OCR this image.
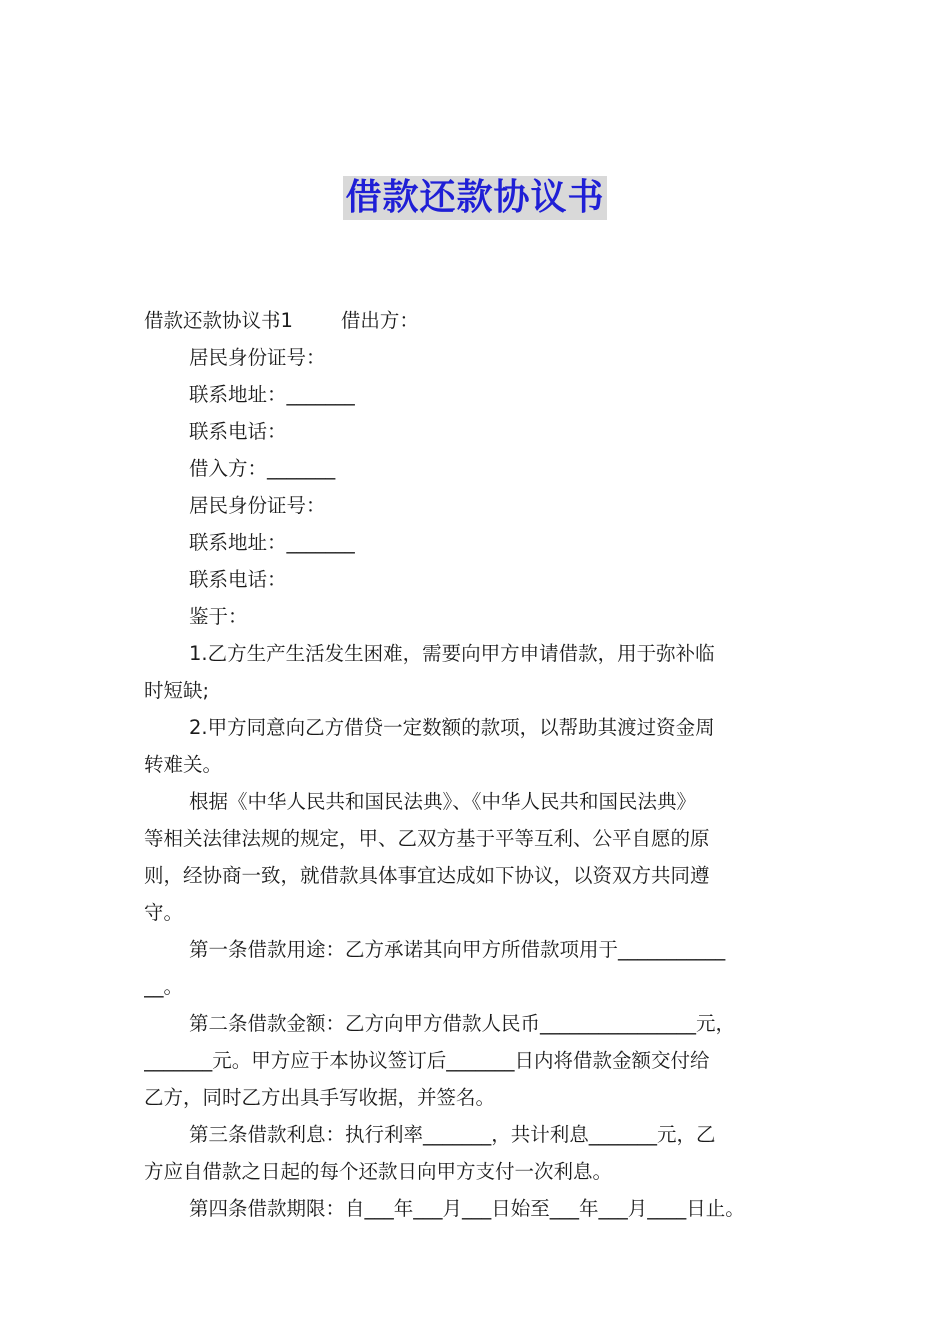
借款还款协议书
借款还款协议书1 借出方：
居民身份证号：
联系地址：_______
联系电话：
借入方：_______
居民身份证号：
联系地址：_______
联系电话：
鉴于：
1.乙方生产生活发生困难，需要向甲方申请借款，用于弥补临
时短缺;
2.甲方同意向乙方借贷一定数额的款项，以帮助其渡过资金周
转难关。
根据《中华人民共和国民法典》、《中华人民共和国民法典》
等相关法律法规的规定，甲、乙双方基于平等互利、公平自愿的原
则，经协商一致，就借款具体事宜达成如下协议，以资双方共同遵
守。
第一条借款用途：乙方承诺其向甲方所借款项用于___________
__。
第二条借款金额：乙方向甲方借款人民币________________元，
_______元。甲方应于本协议签订后_______日内将借款金额交付给
乙方，同时乙方出具手写收据，并签名。
第三条借款利息：执行利率_______，共计利息_______元，乙
方应自借款之日起的每个还款日向甲方支付一次利息。
第四条借款期限：自___年___月___日始至___年___月____日止。
